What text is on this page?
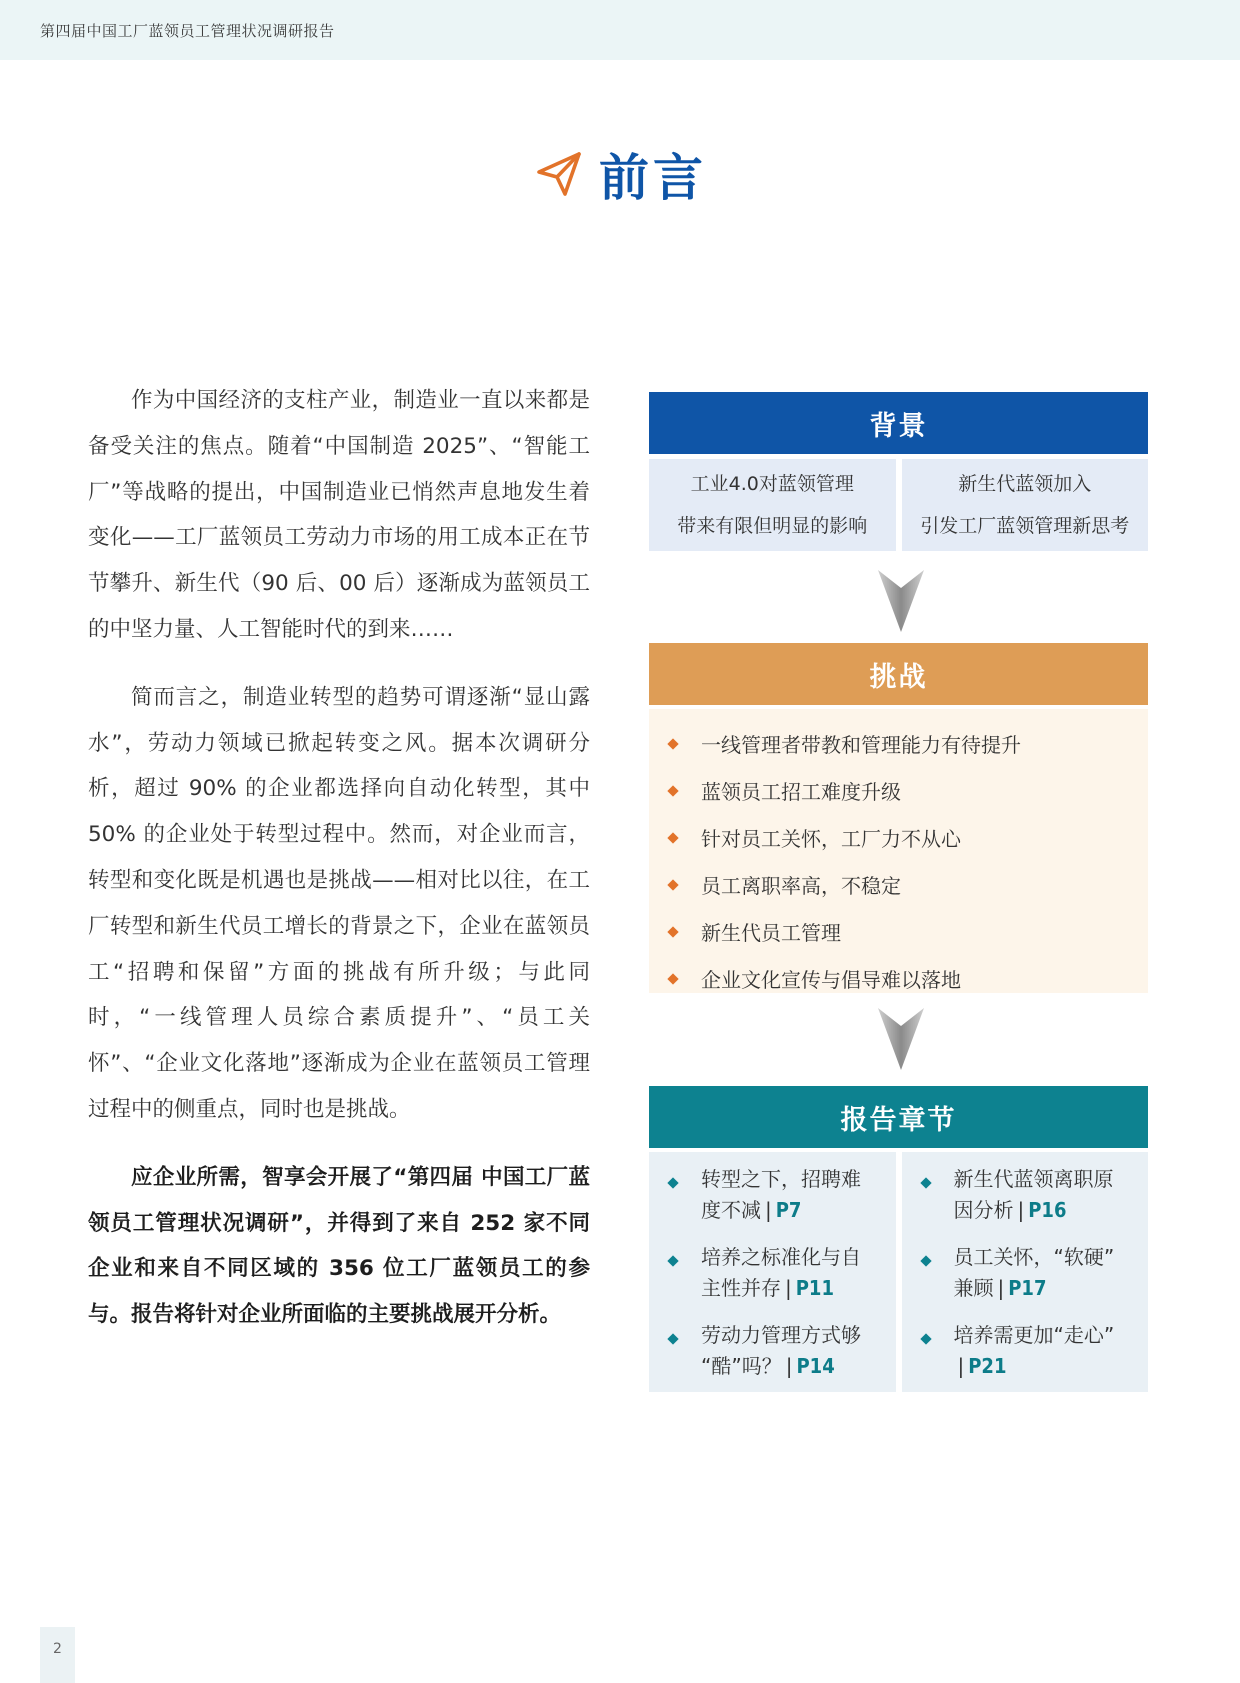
第四届中国工厂蓝领员工管理状况调研报告
前言

作为中国经济的支柱产业，制造业一直以来都是备受关注的焦点。随着“中国制造 2025”、“智能工厂”等战略的提出，中国制造业已悄然声息地发生着变化——工厂蓝领员工劳动力市场的用工成本正在节节攀升、新生代（90 后、00 后）逐渐成为蓝领员工的中坚力量、人工智能时代的到来……

简而言之，制造业转型的趋势可谓逐渐“显山露水”，劳动力领域已掀起转变之风。据本次调研分析，超过 90% 的企业都选择向自动化转型，其中 50% 的企业处于转型过程中。然而，对企业而言，转型和变化既是机遇也是挑战——相对比以往，在工厂转型和新生代员工增长的背景之下，企业在蓝领员工“招聘和保留”方面的挑战有所升级；与此同时，“一线管理人员综合素质提升”、“员工关怀”、“企业文化落地”逐渐成为企业在蓝领员工管理过程中的侧重点，同时也是挑战。

应企业所需，智享会开展了“第四届 中国工厂蓝领员工管理状况调研”，并得到了来自 252 家不同企业和来自不同区域的 356 位工厂蓝领员工的参与。报告将针对企业所面临的主要挑战展开分析。

背景
工业4.0对蓝领管理
带来有限但明显的影响
新生代蓝领加入
引发工厂蓝领管理新思考
挑战
一线管理者带教和管理能力有待提升
蓝领员工招工难度升级
针对员工关怀，工厂力不从心
员工离职率高，不稳定
新生代员工管理
企业文化宣传与倡导难以落地
报告章节
转型之下，招聘难
度不减 | P7
培养之标准化与自
主性并存 | P11
劳动力管理方式够
“酷”吗？ | P14
新生代蓝领离职原
因分析 | P16
员工关怀，“软硬”
兼顾 | P17
培养需更加“走心”
| P21
2
